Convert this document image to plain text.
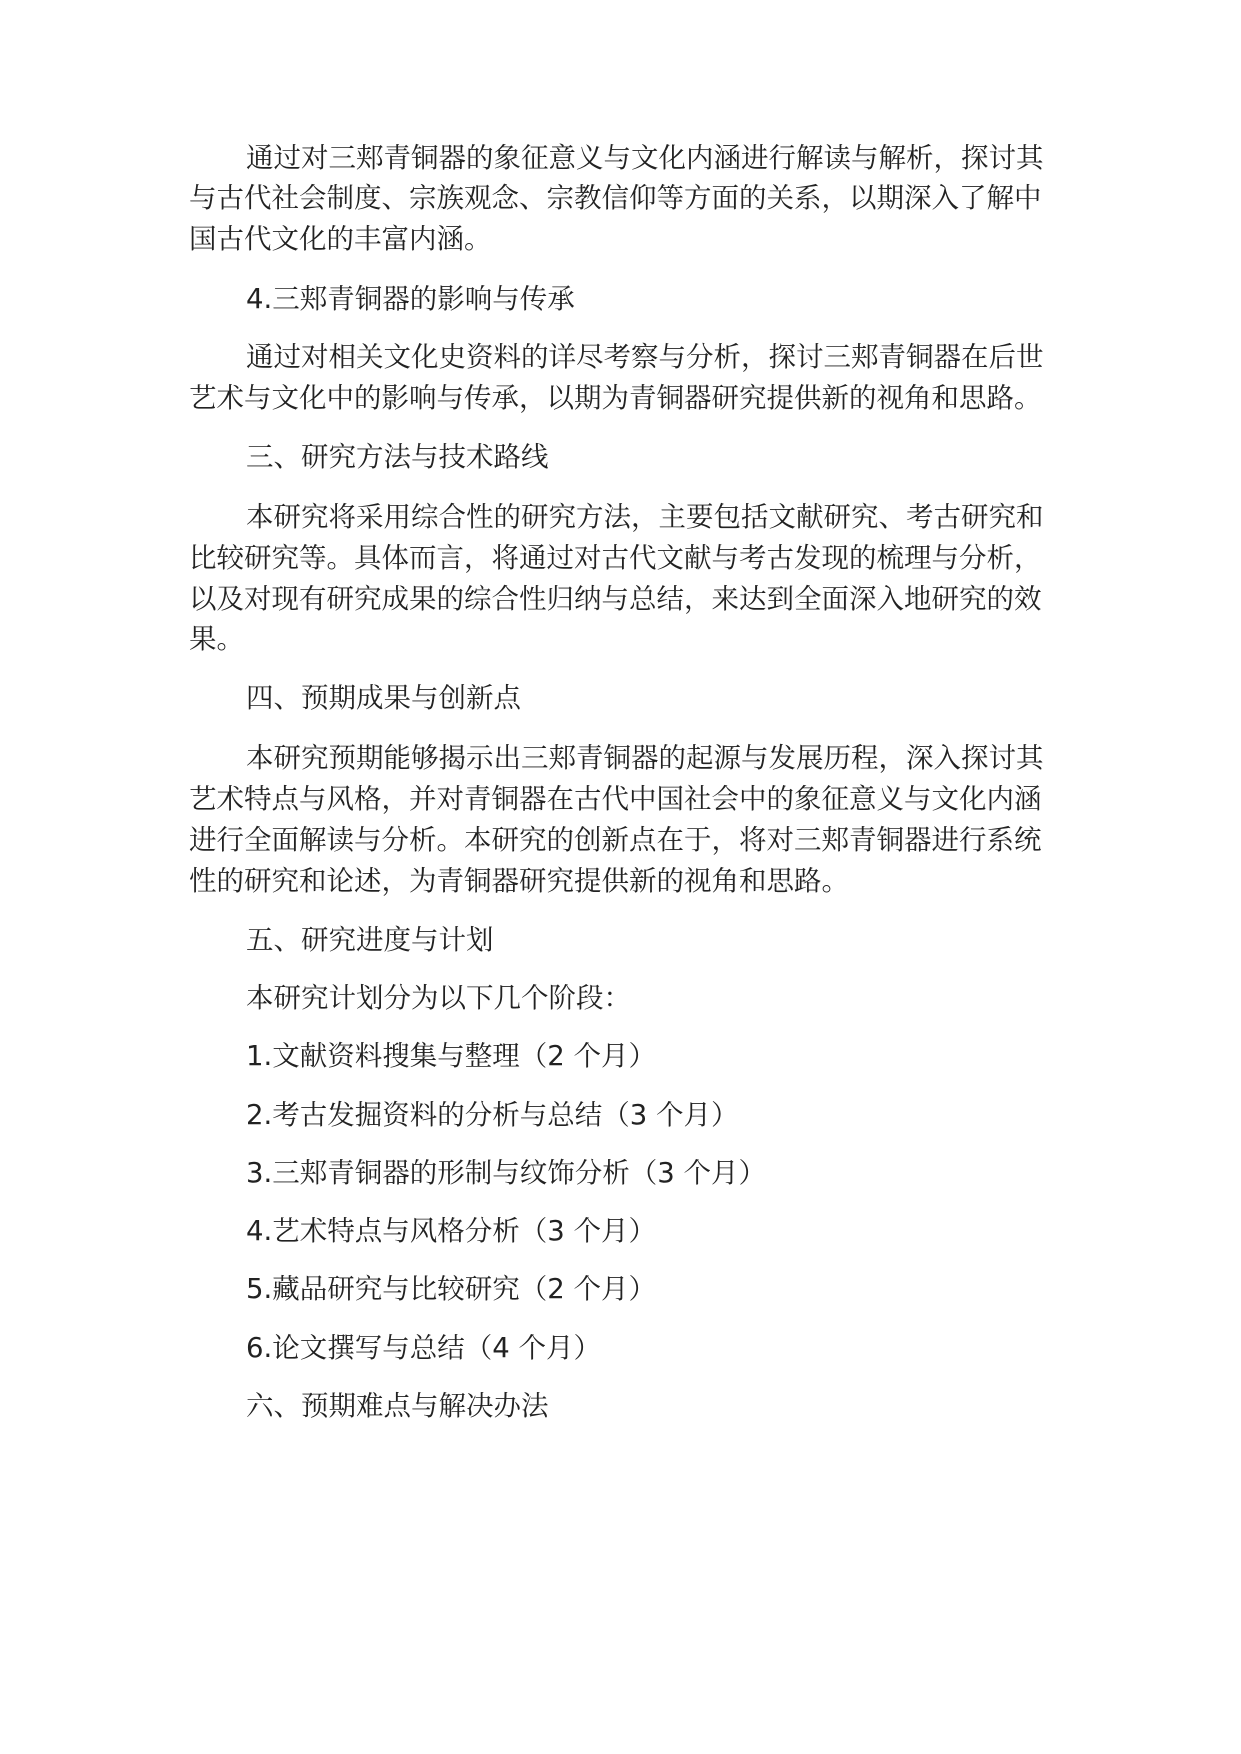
通过对三郏青铜器的象征意义与文化内涵进行解读与解析，探讨其
与古代社会制度、宗族观念、宗教信仰等方面的关系，以期深入了解中
国古代文化的丰富内涵。
4.三郏青铜器的影响与传承
通过对相关文化史资料的详尽考察与分析，探讨三郏青铜器在后世
艺术与文化中的影响与传承，以期为青铜器研究提供新的视角和思路。
三、研究方法与技术路线
本研究将采用综合性的研究方法，主要包括文献研究、考古研究和
比较研究等。具体而言，将通过对古代文献与考古发现的梳理与分析，
以及对现有研究成果的综合性归纳与总结，来达到全面深入地研究的效
果。
四、预期成果与创新点
本研究预期能够揭示出三郏青铜器的起源与发展历程，深入探讨其
艺术特点与风格，并对青铜器在古代中国社会中的象征意义与文化内涵
进行全面解读与分析。本研究的创新点在于，将对三郏青铜器进行系统
性的研究和论述，为青铜器研究提供新的视角和思路。
五、研究进度与计划
本研究计划分为以下几个阶段：
1.文献资料搜集与整理（2 个月）
2.考古发掘资料的分析与总结（3 个月）
3.三郏青铜器的形制与纹饰分析（3 个月）
4.艺术特点与风格分析（3 个月）
5.藏品研究与比较研究（2 个月）
6.论文撰写与总结（4 个月）
六、预期难点与解决办法
